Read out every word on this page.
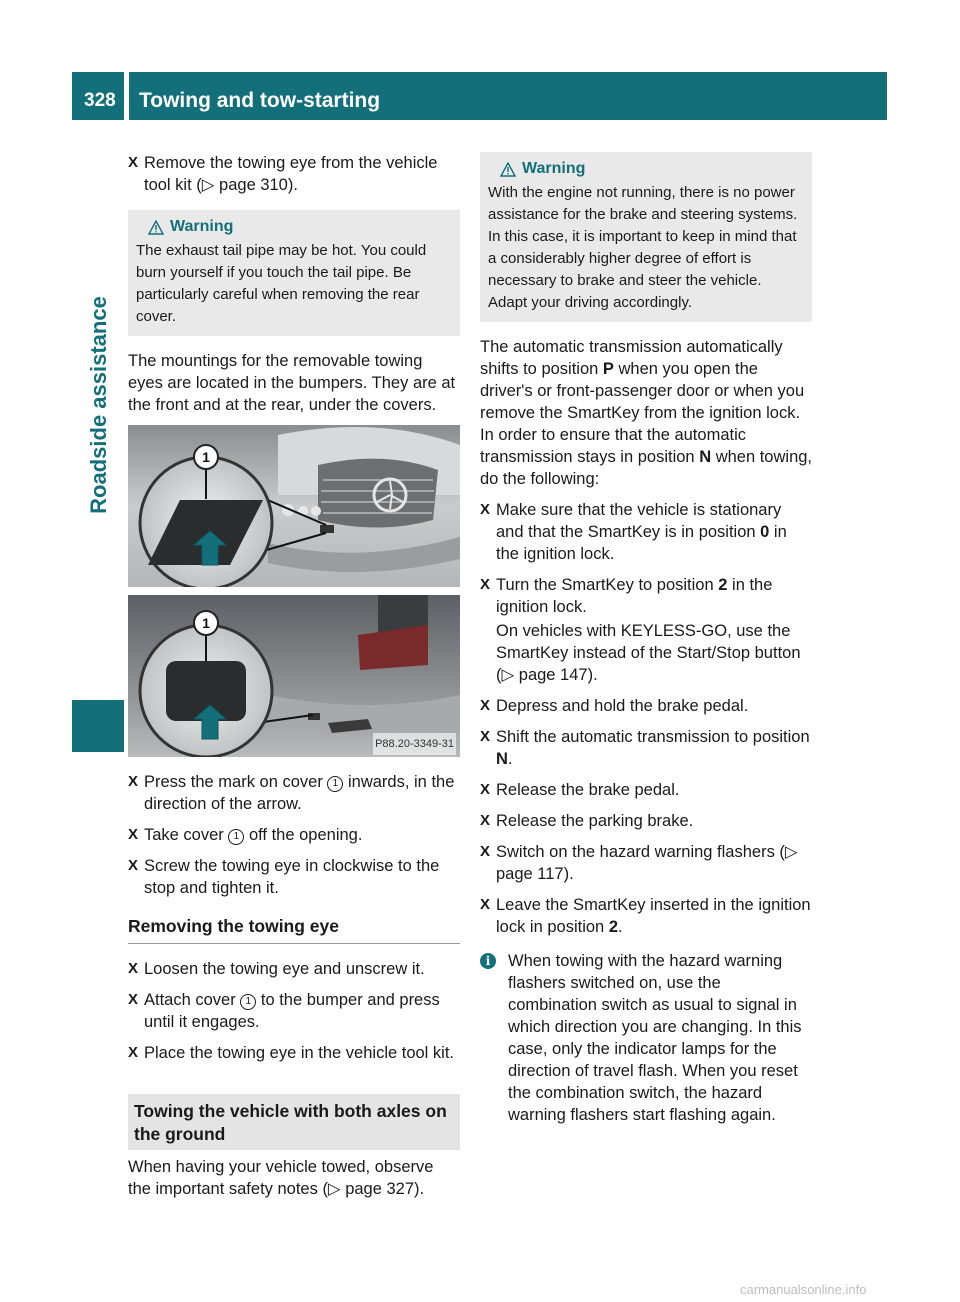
328	Towing and tow-starting
Roadside assistance
X Remove the towing eye from the vehicle tool kit (▷ page 310).
Warning
The exhaust tail pipe may be hot. You could burn yourself if you touch the tail pipe. Be particularly careful when removing the rear cover.
The mountings for the removable towing eyes are located in the bumpers. They are at the front and at the rear, under the covers.
1
1
P88.20-3349-31
X Press the mark on cover 1 inwards, in the direction of the arrow.
X Take cover 1 off the opening.
X Screw the towing eye in clockwise to the stop and tighten it.
Removing the towing eye
X Loosen the towing eye and unscrew it.
X Attach cover 1 to the bumper and press until it engages.
X Place the towing eye in the vehicle tool kit.
Towing the vehicle with both axles on the ground
When having your vehicle towed, observe the important safety notes (▷ page 327).
Warning
With the engine not running, there is no power assistance for the brake and steering systems. In this case, it is important to keep in mind that a considerably higher degree of effort is necessary to brake and steer the vehicle. Adapt your driving accordingly.
The automatic transmission automatically shifts to position P when you open the driver's or front-passenger door or when you remove the SmartKey from the ignition lock. In order to ensure that the automatic transmission stays in position N when towing, do the following:
X Make sure that the vehicle is stationary and that the SmartKey is in position 0 in the ignition lock.
X Turn the SmartKey to position 2 in the ignition lock.
On vehicles with KEYLESS-GO, use the SmartKey instead of the Start/Stop button (▷ page 147).
X Depress and hold the brake pedal.
X Shift the automatic transmission to position N.
X Release the brake pedal.
X Release the parking brake.
X Switch on the hazard warning flashers (▷ page 117).
X Leave the SmartKey inserted in the ignition lock in position 2.
i	When towing with the hazard warning flashers switched on, use the combination switch as usual to signal in which direction you are changing. In this case, only the indicator lamps for the direction of travel flash. When you reset the combination switch, the hazard warning flashers start flashing again.
carmanualsonline.info
